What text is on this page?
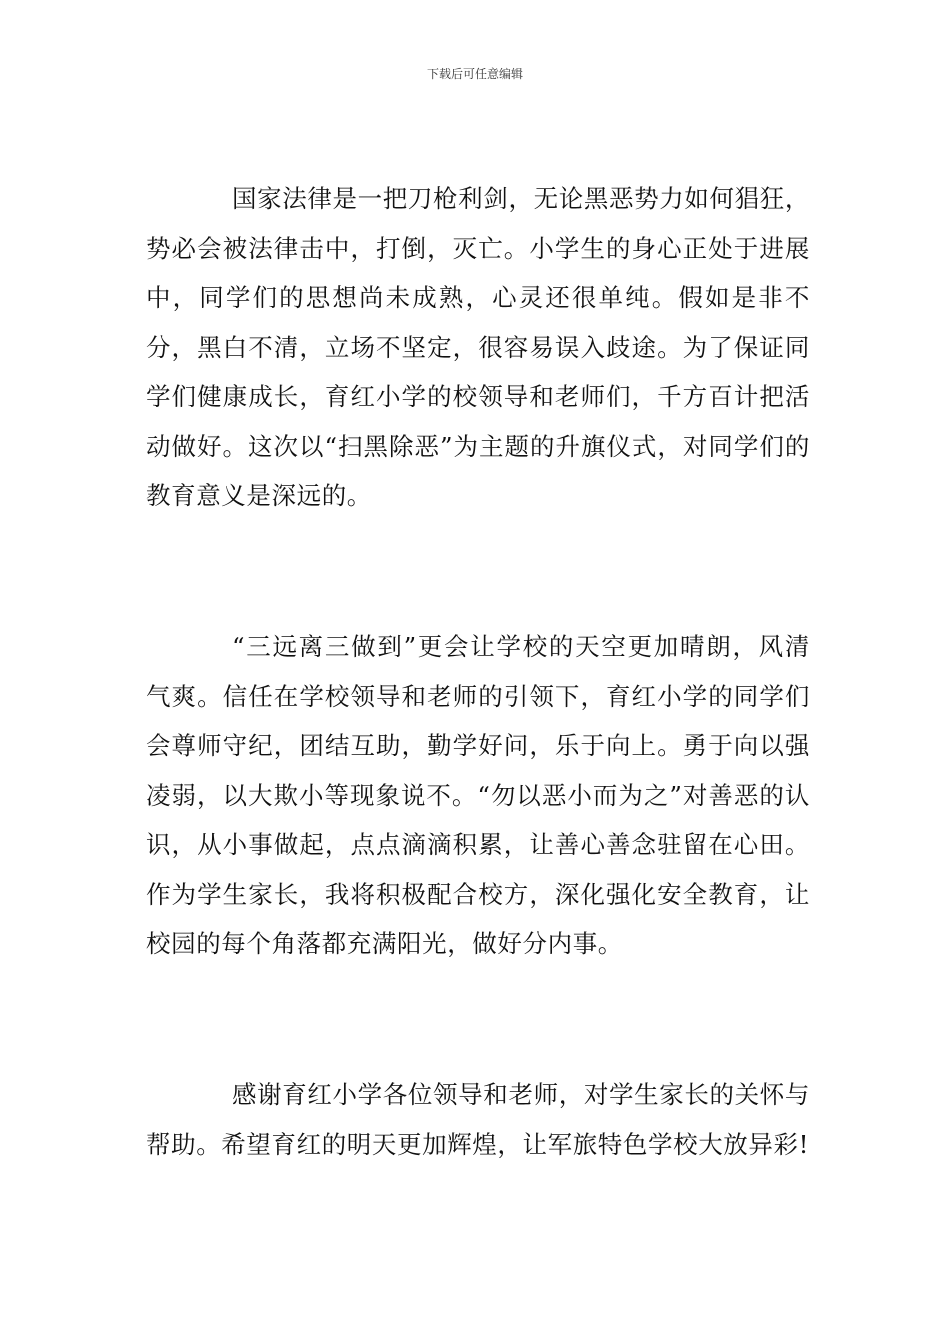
下载后可任意编辑

国家法律是一把刀枪利剑，无论黑恶势力如何猖狂，势必会被法律击中，打倒，灭亡。小学生的身心正处于进展中，同学们的思想尚未成熟，心灵还很单纯。假如是非不分，黑白不清，立场不坚定，很容易误入歧途。为了保证同学们健康成长，育红小学的校领导和老师们，千方百计把活动做好。这次以“扫黑除恶”为主题的升旗仪式，对同学们的教育意义是深远的。

“三远离三做到”更会让学校的天空更加晴朗，风清气爽。信任在学校领导和老师的引领下，育红小学的同学们会尊师守纪，团结互助，勤学好问，乐于向上。勇于向以强凌弱，以大欺小等现象说不。“勿以恶小而为之”对善恶的认识，从小事做起，点点滴滴积累，让善心善念驻留在心田。作为学生家长，我将积极配合校方，深化强化安全教育，让校园的每个角落都充满阳光，做好分内事。

感谢育红小学各位领导和老师，对学生家长的关怀与帮助。希望育红的明天更加辉煌，让军旅特色学校大放异彩!
